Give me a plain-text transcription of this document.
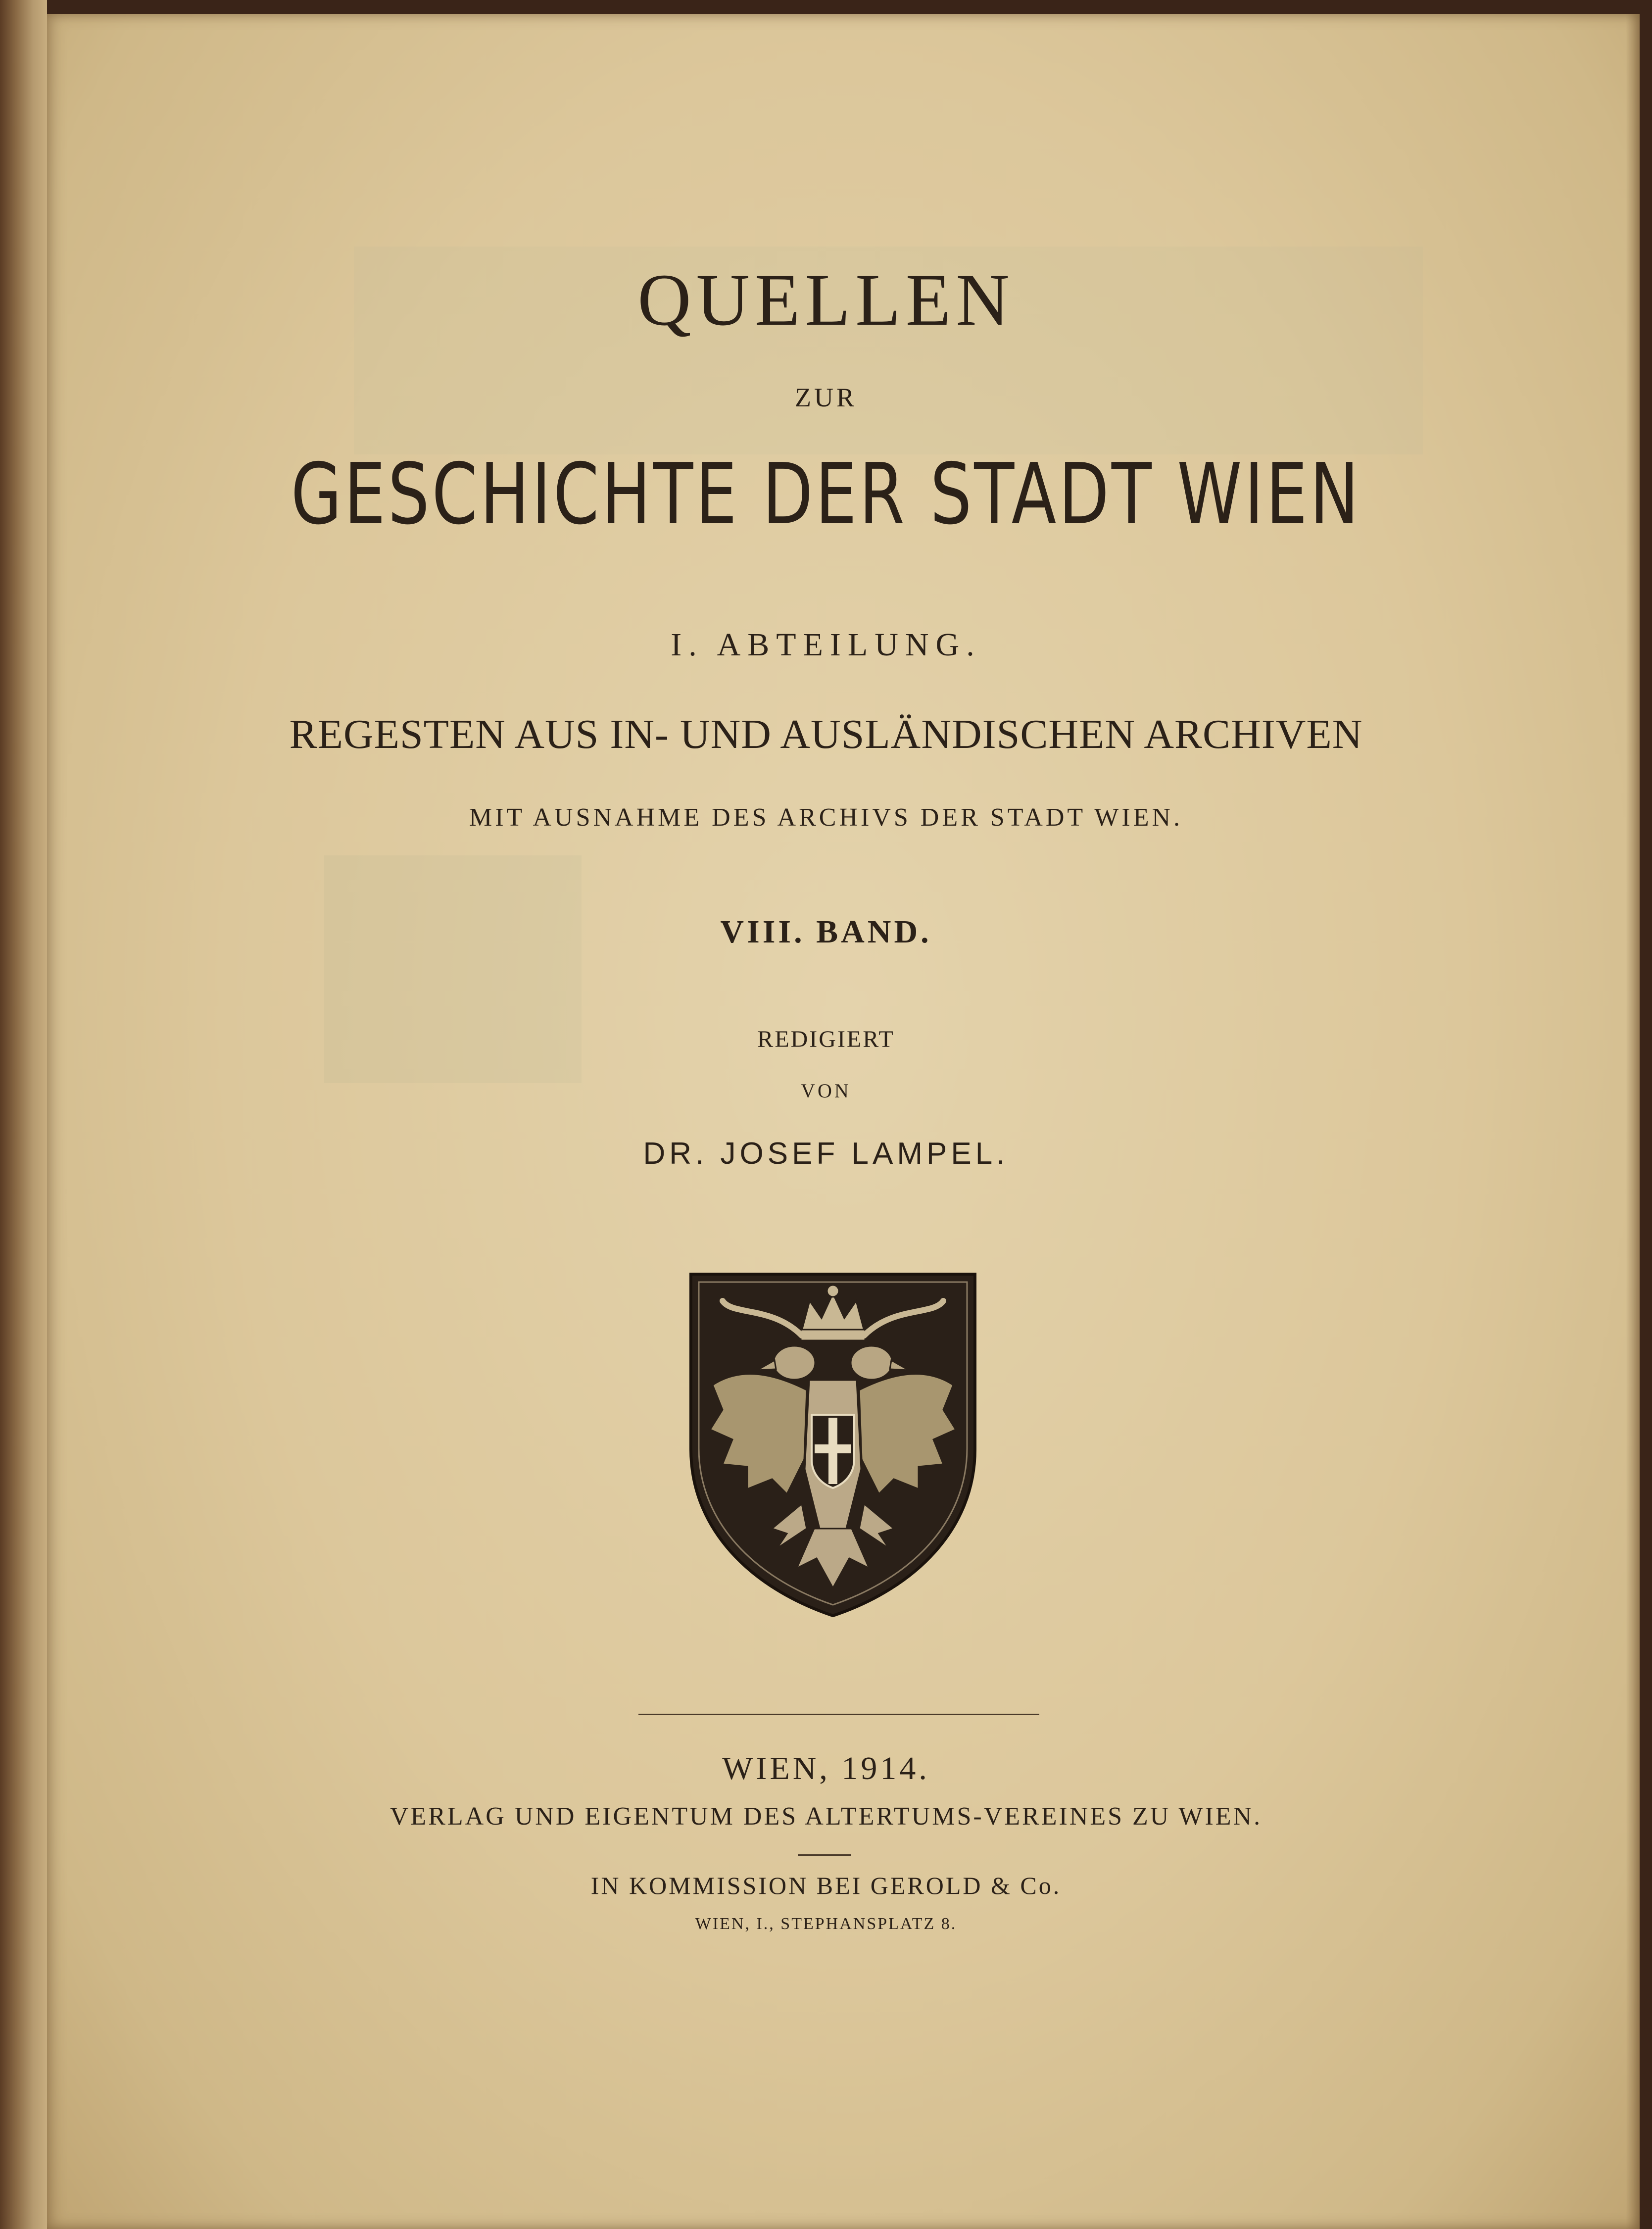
QUELLEN
ZUR
GESCHICHTE DER STADT WIEN
I. ABTEILUNG.
REGESTEN AUS IN- UND AUSLÄNDISCHEN ARCHIVEN
MIT AUSNAHME DES ARCHIVS DER STADT WIEN.
VIII. BAND.
REDIGIERT
VON
DR. JOSEF LAMPEL.
WIEN, 1914.
VERLAG UND EIGENTUM DES ALTERTUMS-VEREINES ZU WIEN.
IN KOMMISSION BEI GEROLD & Co.
WIEN, I., STEPHANSPLATZ 8.
